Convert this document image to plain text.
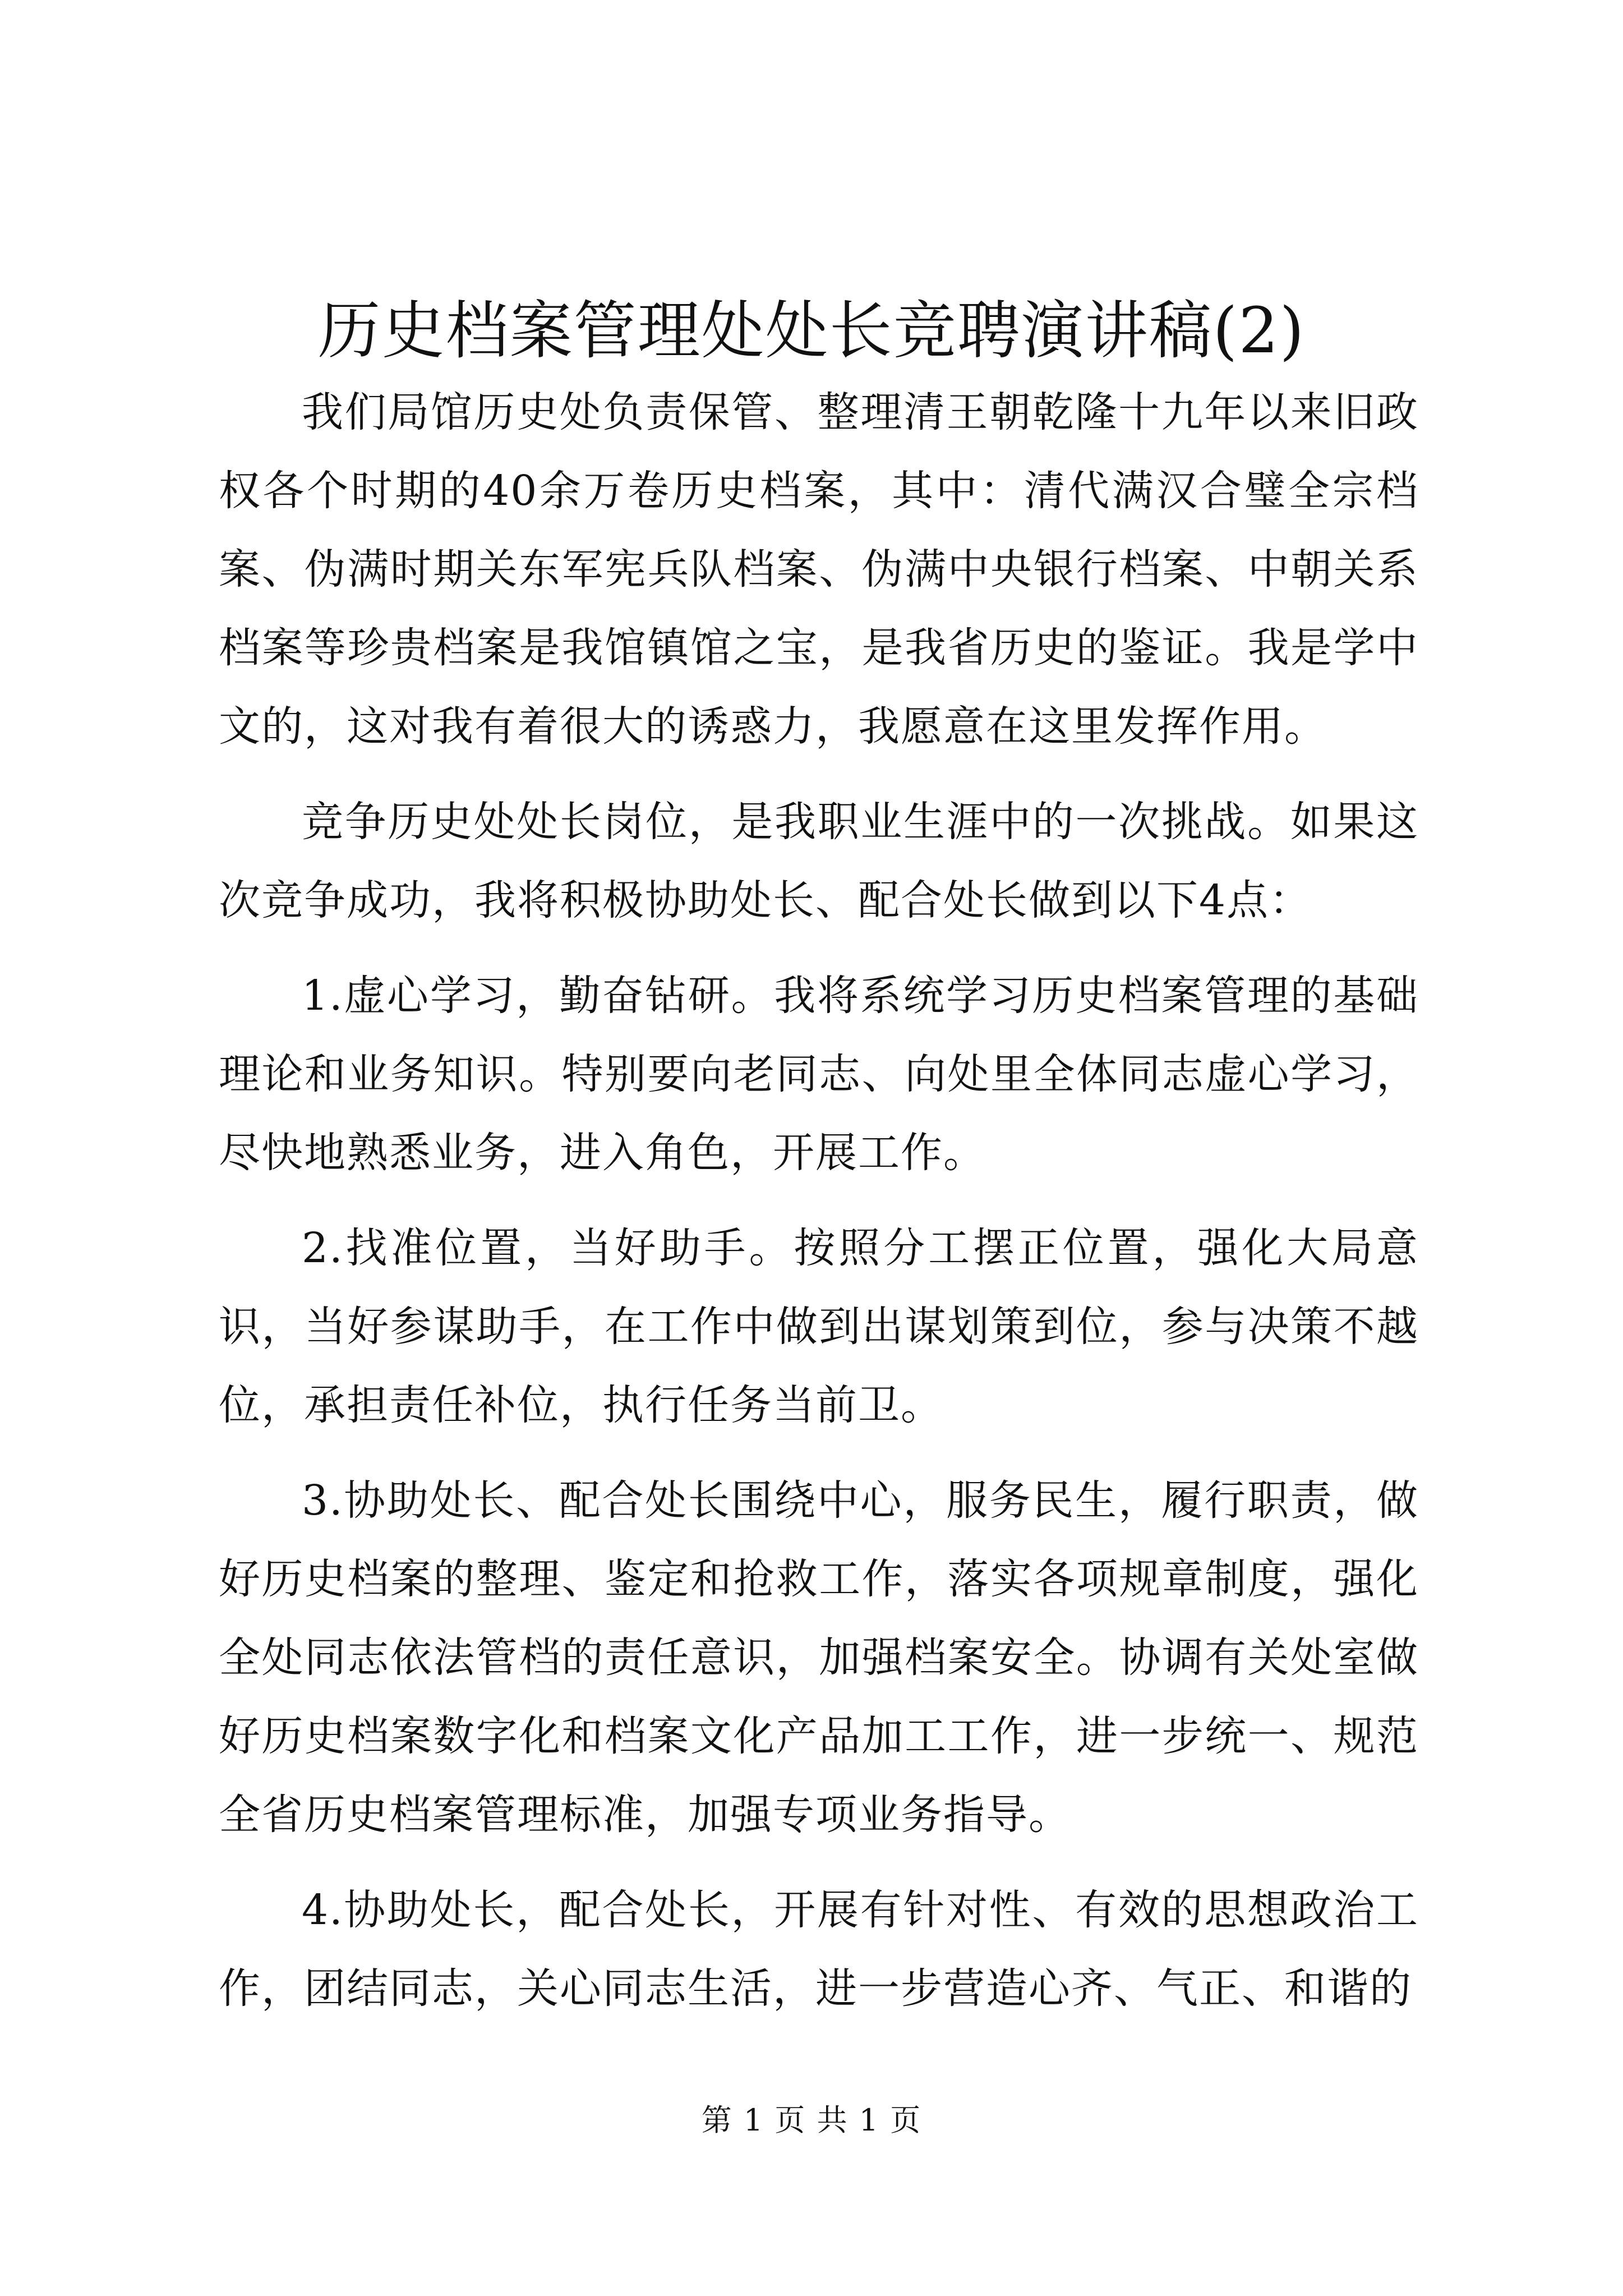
历史档案管理处处长竞聘演讲稿(2)

我们局馆历史处负责保管、整理清王朝乾隆十九年以来旧政权各个时期的40余万卷历史档案，其中：清代满汉合璧全宗档案、伪满时期关东军宪兵队档案、伪满中央银行档案、中朝关系档案等珍贵档案是我馆镇馆之宝，是我省历史的鉴证。我是学中文的，这对我有着很大的诱惑力，我愿意在这里发挥作用。

竞争历史处处长岗位，是我职业生涯中的一次挑战。如果这次竞争成功，我将积极协助处长、配合处长做到以下4点：

1.虚心学习，勤奋钻研。我将系统学习历史档案管理的基础理论和业务知识。特别要向老同志、向处里全体同志虚心学习，尽快地熟悉业务，进入角色，开展工作。

2.找准位置，当好助手。按照分工摆正位置，强化大局意识，当好参谋助手，在工作中做到出谋划策到位，参与决策不越位，承担责任补位，执行任务当前卫。

3.协助处长、配合处长围绕中心，服务民生，履行职责，做好历史档案的整理、鉴定和抢救工作，落实各项规章制度，强化全处同志依法管档的责任意识，加强档案安全。协调有关处室做好历史档案数字化和档案文化产品加工工作，进一步统一、规范全省历史档案管理标准，加强专项业务指导。

4.协助处长，配合处长，开展有针对性、有效的思想政治工作，团结同志，关心同志生活，进一步营造心齐、气正、和谐的

第 1 页 共 1 页
